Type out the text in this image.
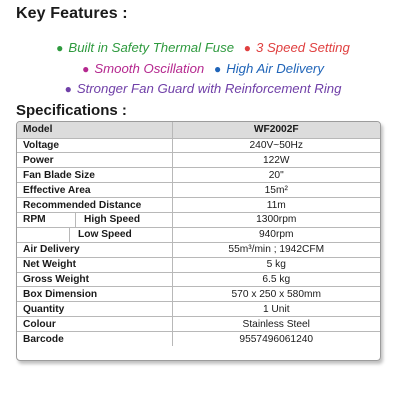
Key Features :
● Built in Safety Thermal Fuse ● 3 Speed Setting
● Smooth Oscillation ● High Air Delivery
● Stronger Fan Guard with Reinforcement Ring
Specifications :
Model	WF2002F
Voltage	240V~50Hz
Power	122W
Fan Blade Size	20"
Effective Area	15m²
Recommended Distance	11m

RPM High Speed	1300rpm

Low Speed	940rpm
Air Delivery	55m³/min ; 1942CFM
Net Weight	5 kg
Gross Weight	6.5 kg
Box Dimension	570 x 250 x 580mm
Quantity	1 Unit
Colour	Stainless Steel
Barcode	9557496061240
